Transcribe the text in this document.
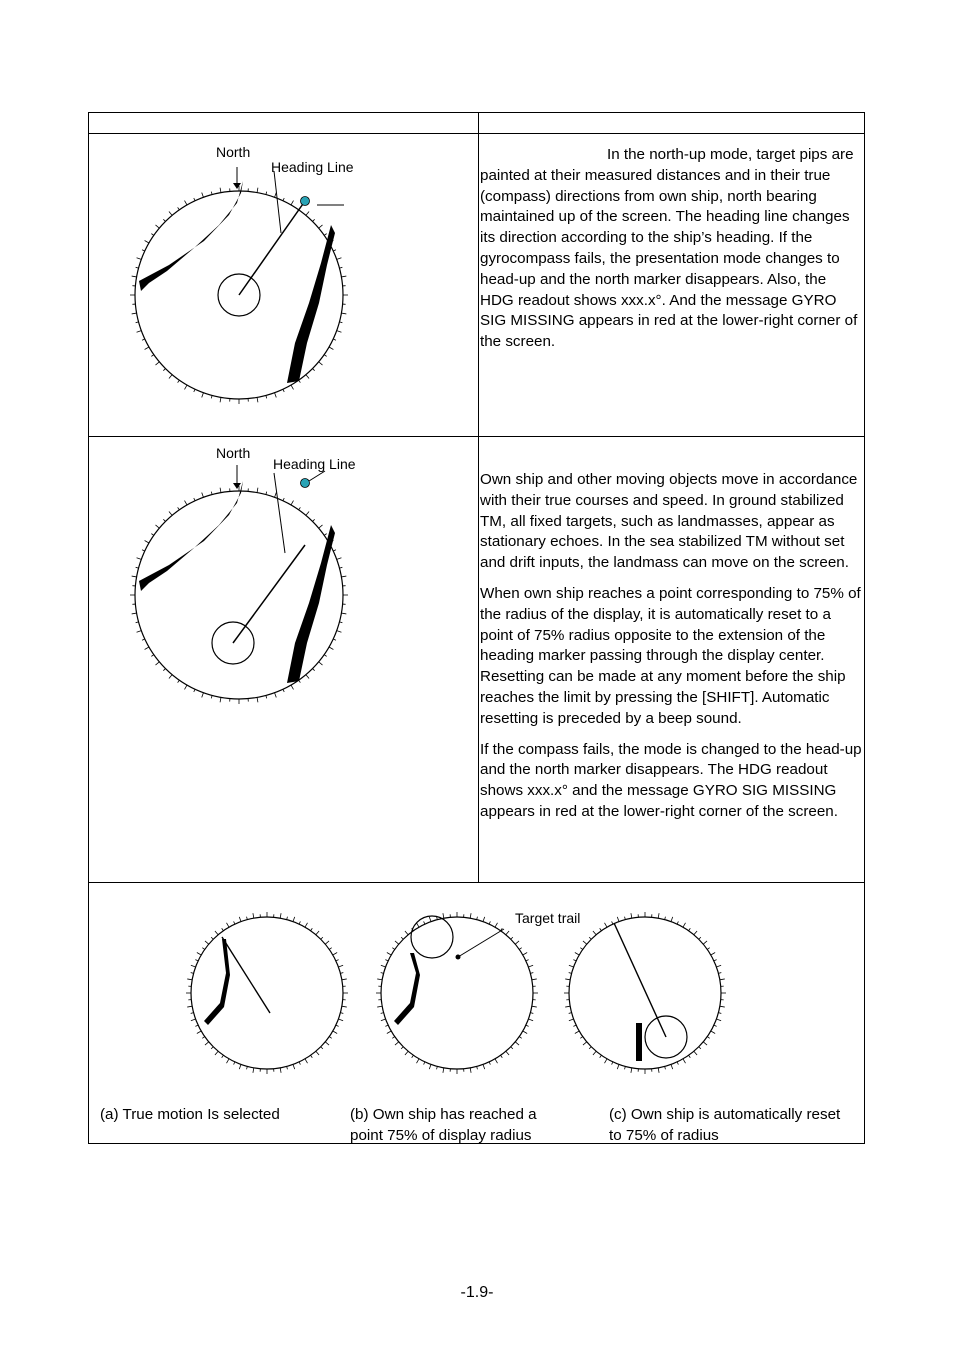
North
Heading Line
In the north-up mode, target pips are painted at their measured distances and in their true (compass) directions from own ship, north bearing maintained up of the screen. The heading line changes its direction according to the ship’s heading. If the gyrocompass fails, the presentation mode changes to head-up and the north marker disappears. Also, the HDG readout shows xxx.x°. And the message GYRO SIG MISSING appears in red at the lower-right corner of the screen.
North
Heading Line

Own ship and other moving objects move in accordance with their true courses and speed. In ground stabilized TM, all fixed targets, such as landmasses, appear as stationary echoes. In the sea stabilized TM without set and drift inputs, the landmass can move on the screen.

When own ship reaches a point corresponding to 75% of the radius of the display, it is automatically reset to a point of 75% radius opposite to the extension of the heading marker passing through the display center. Resetting can be made at any moment before the ship reaches the limit by pressing the [SHIFT]. Automatic resetting is preceded by a beep sound.

If the compass fails, the mode is changed to the head-up and the north marker disappears. The HDG readout shows xxx.x° and the message GYRO SIG MISSING appears in red at the lower-right corner of the screen.

Target trail
(a) True motion Is selected	(b) Own ship has reached a
point 75% of display radius
(c) Own ship is automatically reset
to 75% of radius
-1.9-
